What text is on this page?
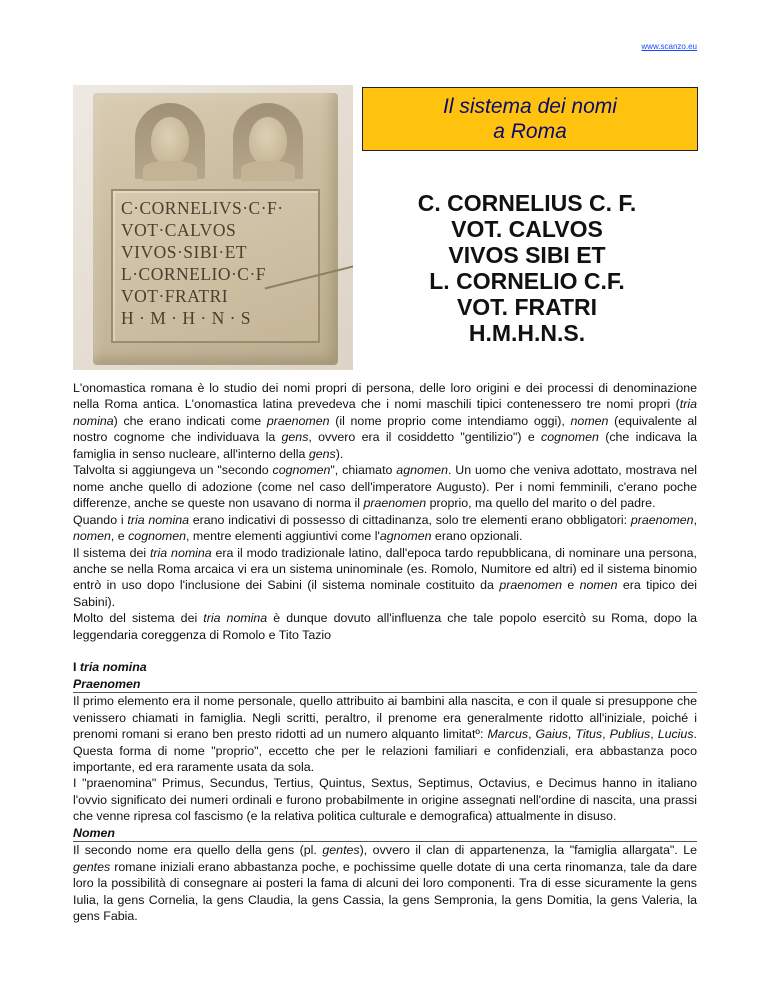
www.scanzo.eu
C·CORNELIVS·C·F·
VOT·CALVOS
VIVOS·SIBI·ET
L·CORNELIO·C·F
VOT·FRATRI
H · M · H · N · S
Il sistema dei nomi
a Roma
C. CORNELIUS C. F.
VOT. CALVOS
VIVOS SIBI ET
L. CORNELIO C.F.
VOT. FRATRI
H.M.H.N.S.

L'onomastica romana è lo studio dei nomi propri di persona, delle loro origini e dei processi di denominazione nella Roma antica. L'onomastica latina prevedeva che i nomi maschili tipici contenessero tre nomi propri (tria nomina) che erano indicati come praenomen (il nome proprio come intendiamo oggi), nomen (equivalente al nostro cognome che individuava la gens, ovvero era il cosiddetto "gentilizio") e cognomen (che indicava la famiglia in senso nucleare, all'interno della gens).

Talvolta si aggiungeva un "secondo cognomen", chiamato agnomen. Un uomo che veniva adottato, mostrava nel nome anche quello di adozione (come nel caso dell'imperatore Augusto). Per i nomi femminili, c'erano poche differenze, anche se queste non usavano di norma il praenomen proprio, ma quello del marito o del padre.

Quando i tria nomina erano indicativi di possesso di cittadinanza, solo tre elementi erano obbligatori: praenomen, nomen, e cognomen, mentre elementi aggiuntivi come l'agnomen erano opzionali.

Il sistema dei tria nomina era il modo tradizionale latino, dall'epoca tardo repubblicana, di nominare una persona, anche se nella Roma arcaica vi era un sistema uninominale (es. Romolo, Numitore ed altri) ed il sistema binomio entrò in uso dopo l'inclusione dei Sabini (il sistema nominale costituito da praenomen e nomen era tipico dei Sabini).

Molto del sistema dei tria nomina è dunque dovuto all'influenza che tale popolo esercitò su Roma, dopo la leggendaria coreggenza di Romolo e Tito Tazio

I tria nomina

Praenomen

Il primo elemento era il nome personale, quello attribuito ai bambini alla nascita, e con il quale si presuppone che venissero chiamati in famiglia. Negli scritti, peraltro, il prenome era generalmente ridotto all'iniziale, poiché i prenomi romani si erano ben presto ridotti ad un numero alquanto limitatº: Marcus, Gaius, Titus, Publius, Lucius. Questa forma di nome "proprio", eccetto che per le relazioni familiari e confidenziali, era abbastanza poco importante, ed era raramente usata da sola.

I "praenomina" Primus, Secundus, Tertius, Quintus, Sextus, Septimus, Octavius, e Decimus hanno in italiano l'ovvio significato dei numeri ordinali e furono probabilmente in origine assegnati nell'ordine di nascita, una prassi che venne ripresa col fascismo (e la relativa politica culturale e demografica) attualmente in disuso.

Nomen

Il secondo nome era quello della gens (pl. gentes), ovvero il clan di appartenenza, la "famiglia allargata". Le gentes romane iniziali erano abbastanza poche, e pochissime quelle dotate di una certa rinomanza, tale da dare loro la possibilità di consegnare ai posteri la fama di alcuni dei loro componenti. Tra di esse sicuramente la gens Iulia, la gens Cornelia, la gens Claudia, la gens Cassia, la gens Sempronia, la gens Domitia, la gens Valeria, la gens Fabia.
